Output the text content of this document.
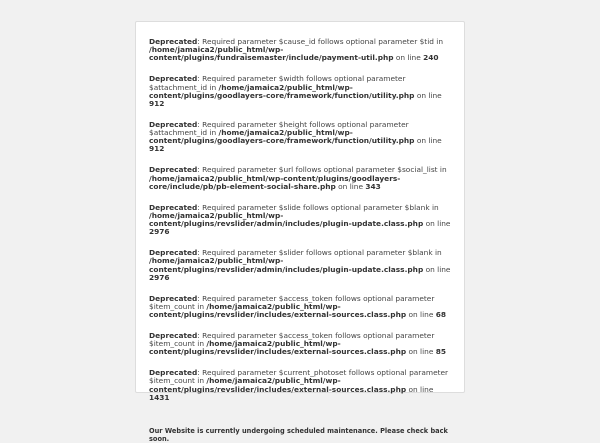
Deprecated: Required parameter $cause_id follows optional parameter $tid in /home/jamaica2/public_html/wp-content/plugins/fundraisemaster/include/payment-util.php on line 240

Deprecated: Required parameter $width follows optional parameter $attachment_id in /home/jamaica2/public_html/wp-content/plugins/goodlayers-core/framework/function/utility.php on line 912

Deprecated: Required parameter $height follows optional parameter $attachment_id in /home/jamaica2/public_html/wp-content/plugins/goodlayers-core/framework/function/utility.php on line 912

Deprecated: Required parameter $url follows optional parameter $social_list in /home/jamaica2/public_html/wp-content/plugins/goodlayers-core/include/pb/pb-element-social-share.php on line 343

Deprecated: Required parameter $slide follows optional parameter $blank in /home/jamaica2/public_html/wp-content/plugins/revslider/admin/includes/plugin-update.class.php on line 2976

Deprecated: Required parameter $slider follows optional parameter $blank in /home/jamaica2/public_html/wp-content/plugins/revslider/admin/includes/plugin-update.class.php on line 2976

Deprecated: Required parameter $access_token follows optional parameter $item_count in /home/jamaica2/public_html/wp-content/plugins/revslider/includes/external-sources.class.php on line 68

Deprecated: Required parameter $access_token follows optional parameter $item_count in /home/jamaica2/public_html/wp-content/plugins/revslider/includes/external-sources.class.php on line 85

Deprecated: Required parameter $current_photoset follows optional parameter $item_count in /home/jamaica2/public_html/wp-content/plugins/revslider/includes/external-sources.class.php on line 1431

Our Website is currently undergoing scheduled maintenance. Please check back soon.
